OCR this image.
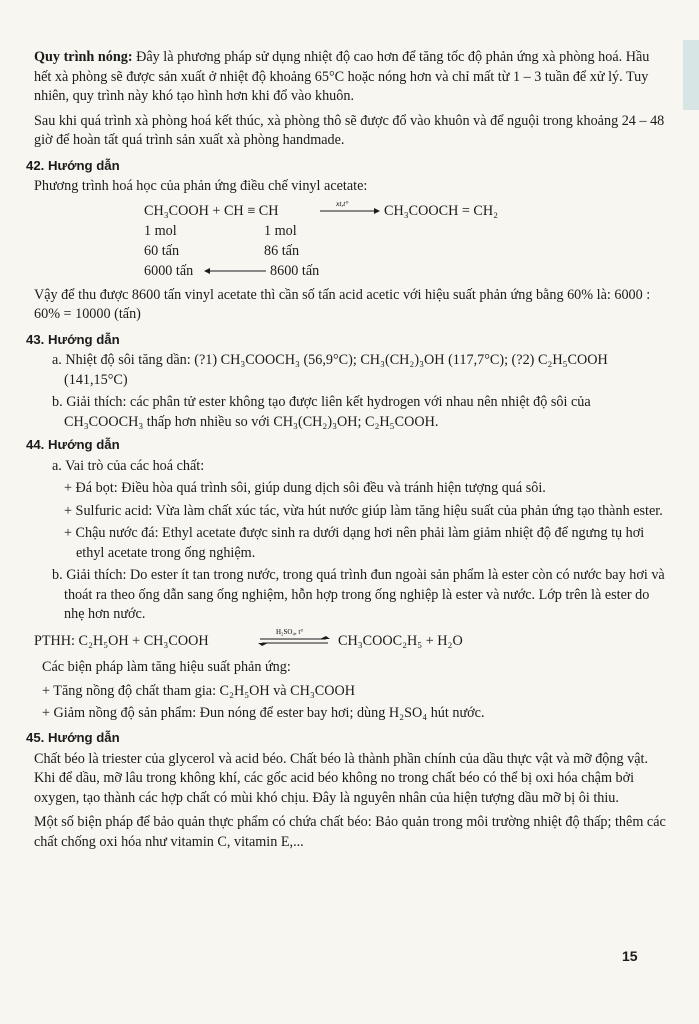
Quy trình nóng: Đây là phương pháp sử dụng nhiệt độ cao hơn để tăng tốc độ phản ứng xà phòng hoá. Hầu hết xà phòng sẽ được sản xuất ở nhiệt độ khoảng 65°C hoặc nóng hơn và chỉ mất từ 1 – 3 tuần để xử lý. Tuy nhiên, quy trình này khó tạo hình hơn khi đổ vào khuôn.

Sau khi quá trình xà phòng hoá kết thúc, xà phòng thô sẽ được đổ vào khuôn và để nguội trong khoảng 24 – 48 giờ để hoàn tất quá trình sản xuất xà phòng handmade.

42. Hướng dẫn

Phương trình hoá học của phản ứng điều chế vinyl acetate:

CH₃COOH + CH ≡ CH	xt,t°	CH₃COOCH = CH₂
1 mol	1 mol
60 tấn	86 tấn
6000 tấn	8600 tấn

Vậy để thu được 8600 tấn vinyl acetate thì cần số tấn acid acetic với hiệu suất phản ứng bằng 60% là: 6000 : 60% = 10000 (tấn)

43. Hướng dẫn

a. Nhiệt độ sôi tăng dần: (?1) CH₃COOCH₃ (56,9°C); CH₃(CH₂)₃OH (117,7°C); (?2) C₂H₅COOH (141,15°C)

b. Giải thích: các phân tử ester không tạo được liên kết hydrogen với nhau nên nhiệt độ sôi của CH₃COOCH₃ thấp hơn nhiều so với CH₃(CH₂)₃OH; C₂H₅COOH.

44. Hướng dẫn

a. Vai trò của các hoá chất:

+ Đá bọt: Điều hòa quá trình sôi, giúp dung dịch sôi đều và tránh hiện tượng quá sôi.

+ Sulfuric acid: Vừa làm chất xúc tác, vừa hút nước giúp làm tăng hiệu suất của phản ứng tạo thành ester.

+ Chậu nước đá: Ethyl acetate được sinh ra dưới dạng hơi nên phải làm giảm nhiệt độ để ngưng tụ hơi ethyl acetate trong ống nghiệm.

b. Giải thích: Do ester ít tan trong nước, trong quá trình đun ngoài sản phẩm là ester còn có nước bay hơi và thoát ra theo ống dẫn sang ống nghiệm, hỗn hợp trong ống nghiệp là ester và nước. Lớp trên là ester do nhẹ hơn nước.

PTHH: C₂H₅OH + CH₃COOH
H₂SO₄, t°
CH₃COOC₂H₅ + H₂O

Các biện pháp làm tăng hiệu suất phản ứng:

+ Tăng nồng độ chất tham gia: C₂H₅OH và CH₃COOH

+ Giảm nồng độ sản phẩm: Đun nóng để ester bay hơi; dùng H₂SO₄ hút nước.

45. Hướng dẫn

Chất béo là triester của glycerol và acid béo. Chất béo là thành phần chính của dầu thực vật và mỡ động vật. Khi để dầu, mỡ lâu trong không khí, các gốc acid béo không no trong chất béo có thể bị oxi hóa chậm bởi oxygen, tạo thành các hợp chất có mùi khó chịu. Đây là nguyên nhân của hiện tượng dầu mỡ bị ôi thiu.

Một số biện pháp để bảo quản thực phẩm có chứa chất béo: Bảo quản trong môi trường nhiệt độ thấp; thêm các chất chống oxi hóa như vitamin C, vitamin E,...

15
